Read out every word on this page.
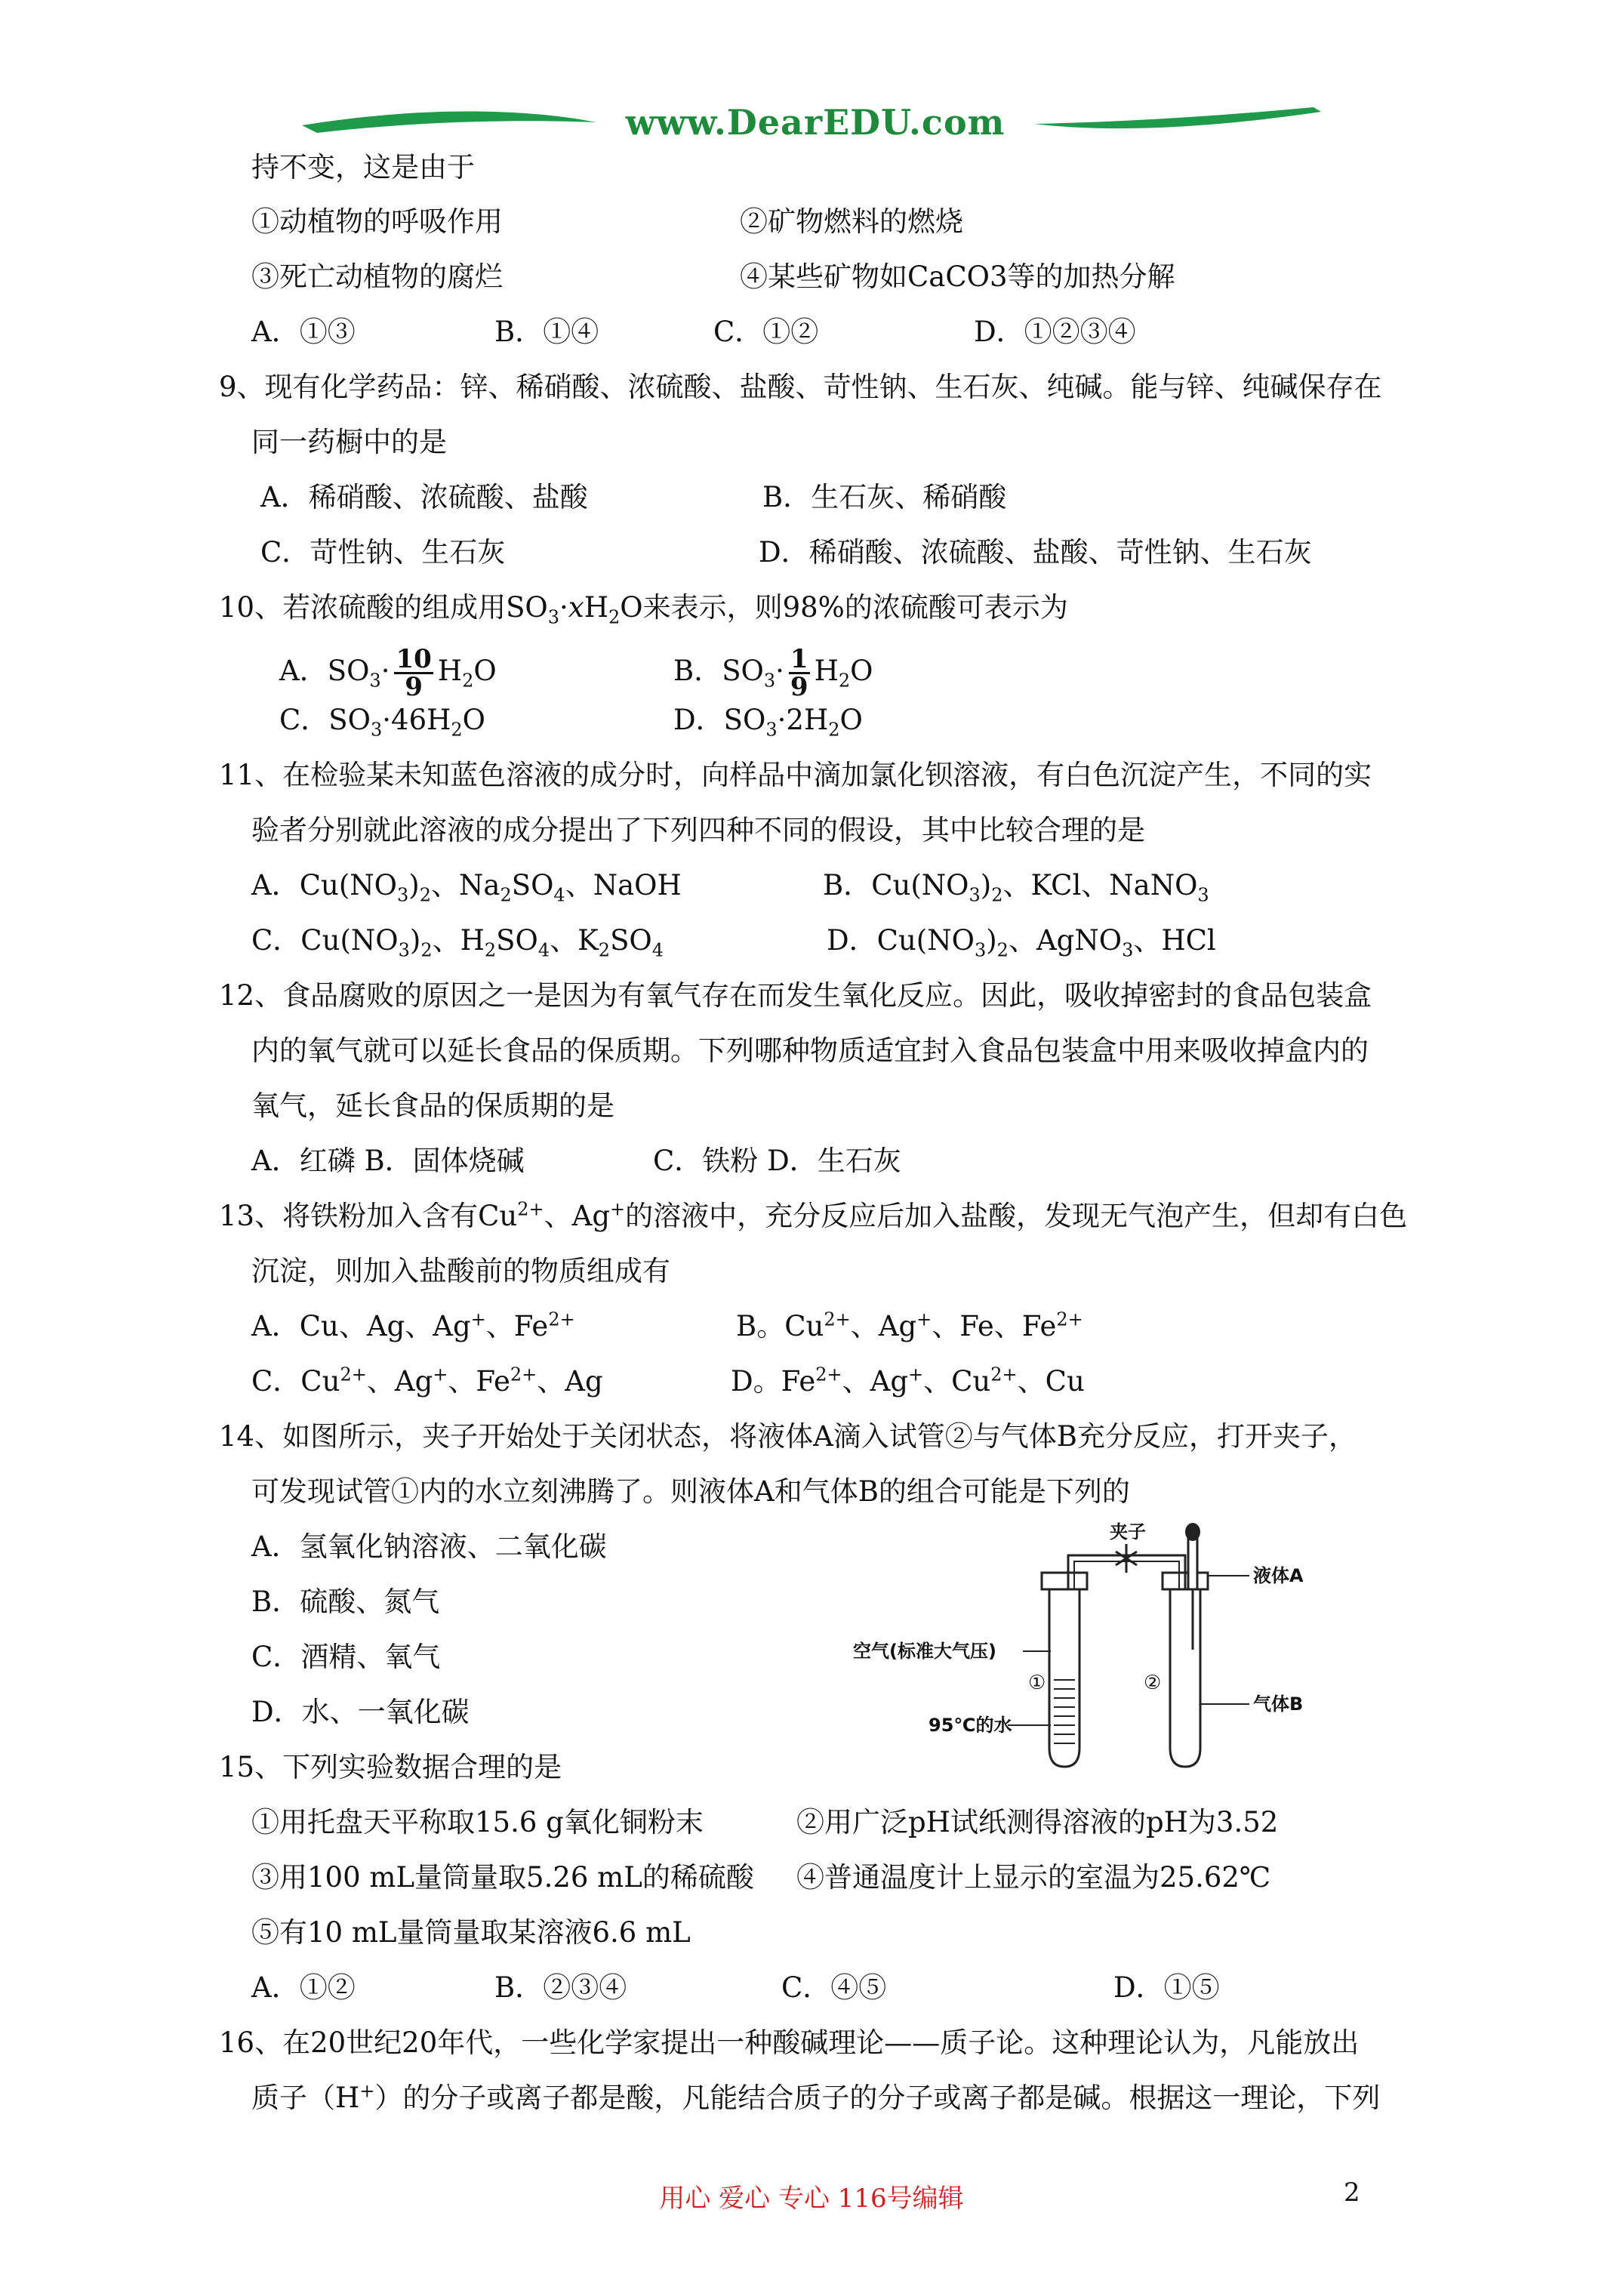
www.DearEDU.com
持不变，这是由于
①动植物的呼吸作用	②矿物燃料的燃烧
③死亡动植物的腐烂	④某些矿物如CaCO3等的加热分解
A．①③	B．①④	C．①②	D．①②③④
9、现有化学药品：锌、稀硝酸、浓硫酸、盐酸、苛性钠、生石灰、纯碱。能与锌、纯碱保存在
同一药橱中的是
A．稀硝酸、浓硫酸、盐酸	B．生石灰、稀硝酸
C．苛性钠、生石灰	D．稀硝酸、浓硫酸、盐酸、苛性钠、生石灰
10、若浓硫酸的组成用$SO_3\cdot xH_2O$来表示，则98%的浓硫酸可表示为
A．$SO_3\cdot \frac{10}{9} H_2O$	B．$SO_3\cdot \frac{1}{9} H_2O$
C．$SO_3\cdot 46H_2O$	D．$SO_3\cdot 2H_2O$
11、在检验某未知蓝色溶液的成分时，向样品中滴加氯化钡溶液，有白色沉淀产生，不同的实
验者分别就此溶液的成分提出了下列四种不同的假设，其中比较合理的是
A．$Cu(NO_3)_2$、$Na_2SO_4$、NaOH	B．$Cu(NO_3)_2$、KCl、NaNO$_3$
C．$Cu(NO_3)_2$、$H_2SO_4$、$K_2SO_4$	D．$Cu(NO_3)_2$、AgNO$_3$、HCl
12、食品腐败的原因之一是因为有氧气存在而发生氧化反应。因此，吸收掉密封的食品包装盒
内的氧气就可以延长食品的保质期。下列哪种物质适宜封入食品包装盒中用来吸收掉盒内的
氧气，延长食品的保质期的是
A．红磷 B．固体烧碱	C．铁粉 D．生石灰
13、将铁粉加入含有$Cu^{2+}$、Ag+的溶液中，充分反应后加入盐酸，发现无气泡产生，但却有白色
沉淀，则加入盐酸前的物质组成有
A．Cu、Ag、Ag+、$Fe^{2+}$	B。$Cu^{2+}$、Ag+、Fe、$Fe^{2+}$
C．$Cu^{2+}$、Ag+、$Fe^{2+}$、Ag	D。$Fe^{2+}$、Ag+、$Cu^{2+}$、Cu
14、如图所示，夹子开始处于关闭状态，将液体A滴入试管②与气体B充分反应，打开夹子，
可发现试管①内的水立刻沸腾了。则液体A和气体B的组合可能是下列的
A．氢氧化钠溶液、二氧化碳
B．硫酸、氮气
C．酒精、氧气
D．水、一氧化碳
夹子
液体A
空气(标准大气压)
①	②
95℃的水
气体B
15、下列实验数据合理的是
①用托盘天平称取15.6 g氧化铜粉末	②用广泛pH试纸测得溶液的pH为3.52
③用100 mL量筒量取5.26 mL的稀硫酸 ④普通温度计上显示的室温为25.62℃
⑤有10 mL量筒量取某溶液6.6 mL
A．①②	B．②③④	C．④⑤	D．①⑤
16、在20世纪20年代，一些化学家提出一种酸碱理论——质子论。这种理论认为，凡能放出
质子（H+）的分子或离子都是酸，凡能结合质子的分子或离子都是碱。根据这一理论，下列
用心 爱心 专心 116号编辑	2
